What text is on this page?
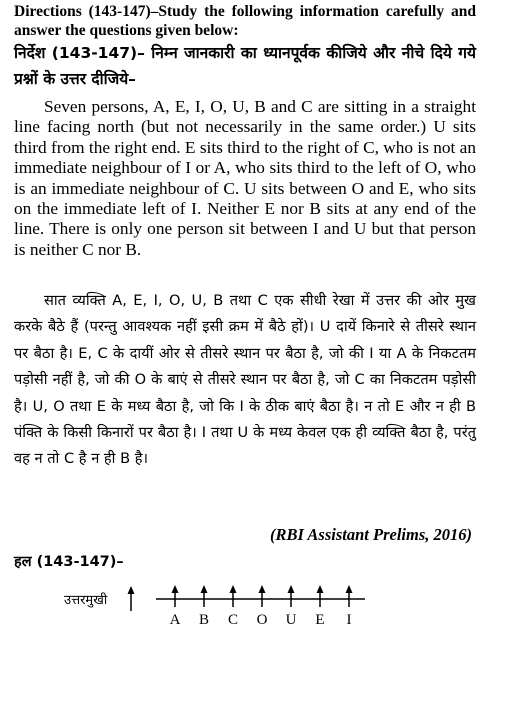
Directions (143-147)–Study the following information carefully and answer the questions given below:
निर्देश (143-147)– निम्न जानकारी का ध्यानपूर्वक कीजिये और नीचे दिये गये प्रश्नों के उत्तर दीजिये–

Seven persons, A, E, I, O, U, B and C are sitting in a straight line facing north (but not necessarily in the same order.) U sits third from the right end. E sits third to the right of C, who is not an immediate neighbour of I or A, who sits third to the left of O, who is an immediate neighbour of C. U sits between O and E, who sits on the immediate left of I. Neither E nor B sits at any end of the line. There is only one person sit between I and U but that person is neither C nor B.

सात व्यक्ति A, E, I, O, U, B तथा C एक सीधी रेखा में उत्तर की ओर मुख करके बैठे हैं (परन्तु आवश्यक नहीं इसी क्रम में बैठे हों)। U दायें किनारे से तीसरे स्थान पर बैठा है। E, C के दायीं ओर से तीसरे स्थान पर बैठा है, जो की I या A के निकटतम पड़ोसी नहीं है, जो की O के बाएं से तीसरे स्थान पर बैठा है, जो C का निकटतम पड़ोसी है। U, O तथा E के मध्य बैठा है, जो कि I के ठीक बाएं बैठा है। न तो E और न ही B पंक्ति के किसी किनारों पर बैठा है। I तथा U के मध्य केवल एक ही व्यक्ति बैठा है, परंतु वह न तो C है न ही B है।

(RBI Assistant Prelims, 2016)
हल (143-147)–
उत्तरमुखी
A B C O U E I
